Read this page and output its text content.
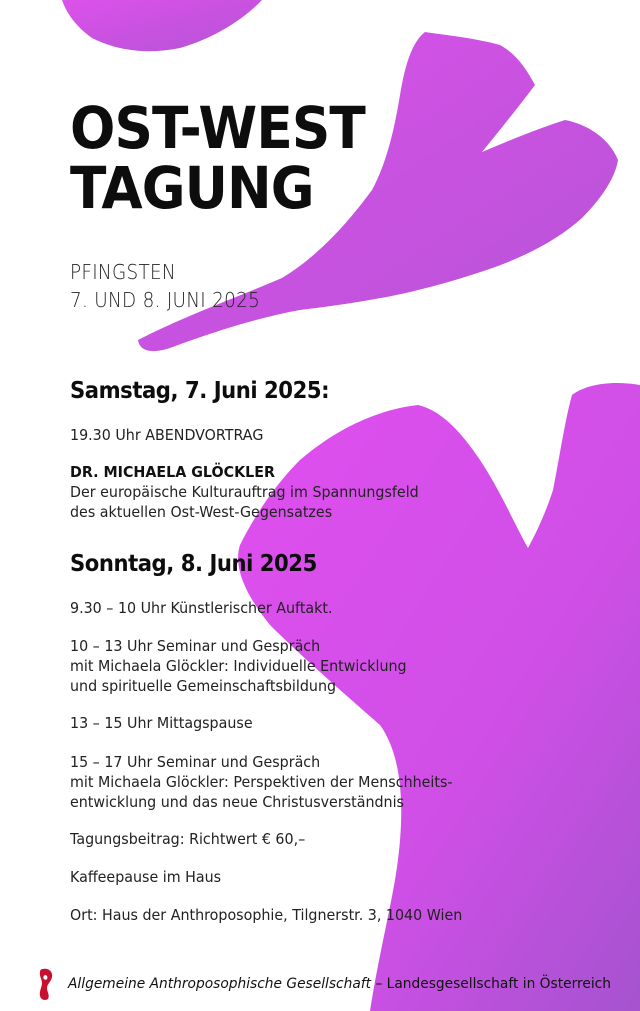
OST-WEST
TAGUNG
PFINGSTEN
7. UND 8. JUNI 2025
Samstag, 7. Juni 2025:
19.30 Uhr ABENDVORTRAG
DR. MICHAELA GLÖCKLER
Der europäische Kulturauftrag im Spannungsfeld
des aktuellen Ost-West-Gegensatzes
Sonntag, 8. Juni 2025
9.30 – 10 Uhr Künstlerischer Auftakt.
10 – 13 Uhr Seminar und Gespräch
mit Michaela Glöckler: Individuelle Entwicklung
und spirituelle Gemeinschaftsbildung
13 – 15 Uhr Mittagspause
15 – 17 Uhr Seminar und Gespräch
mit Michaela Glöckler: Perspektiven der Menschheits-
entwicklung und das neue Christusverständnis
Tagungsbeitrag: Richtwert € 60,–
Kaffeepause im Haus
Ort: Haus der Anthroposophie, Tilgnerstr. 3, 1040 Wien
Allgemeine Anthroposophische Gesellschaft – Landesgesellschaft in Österreich
